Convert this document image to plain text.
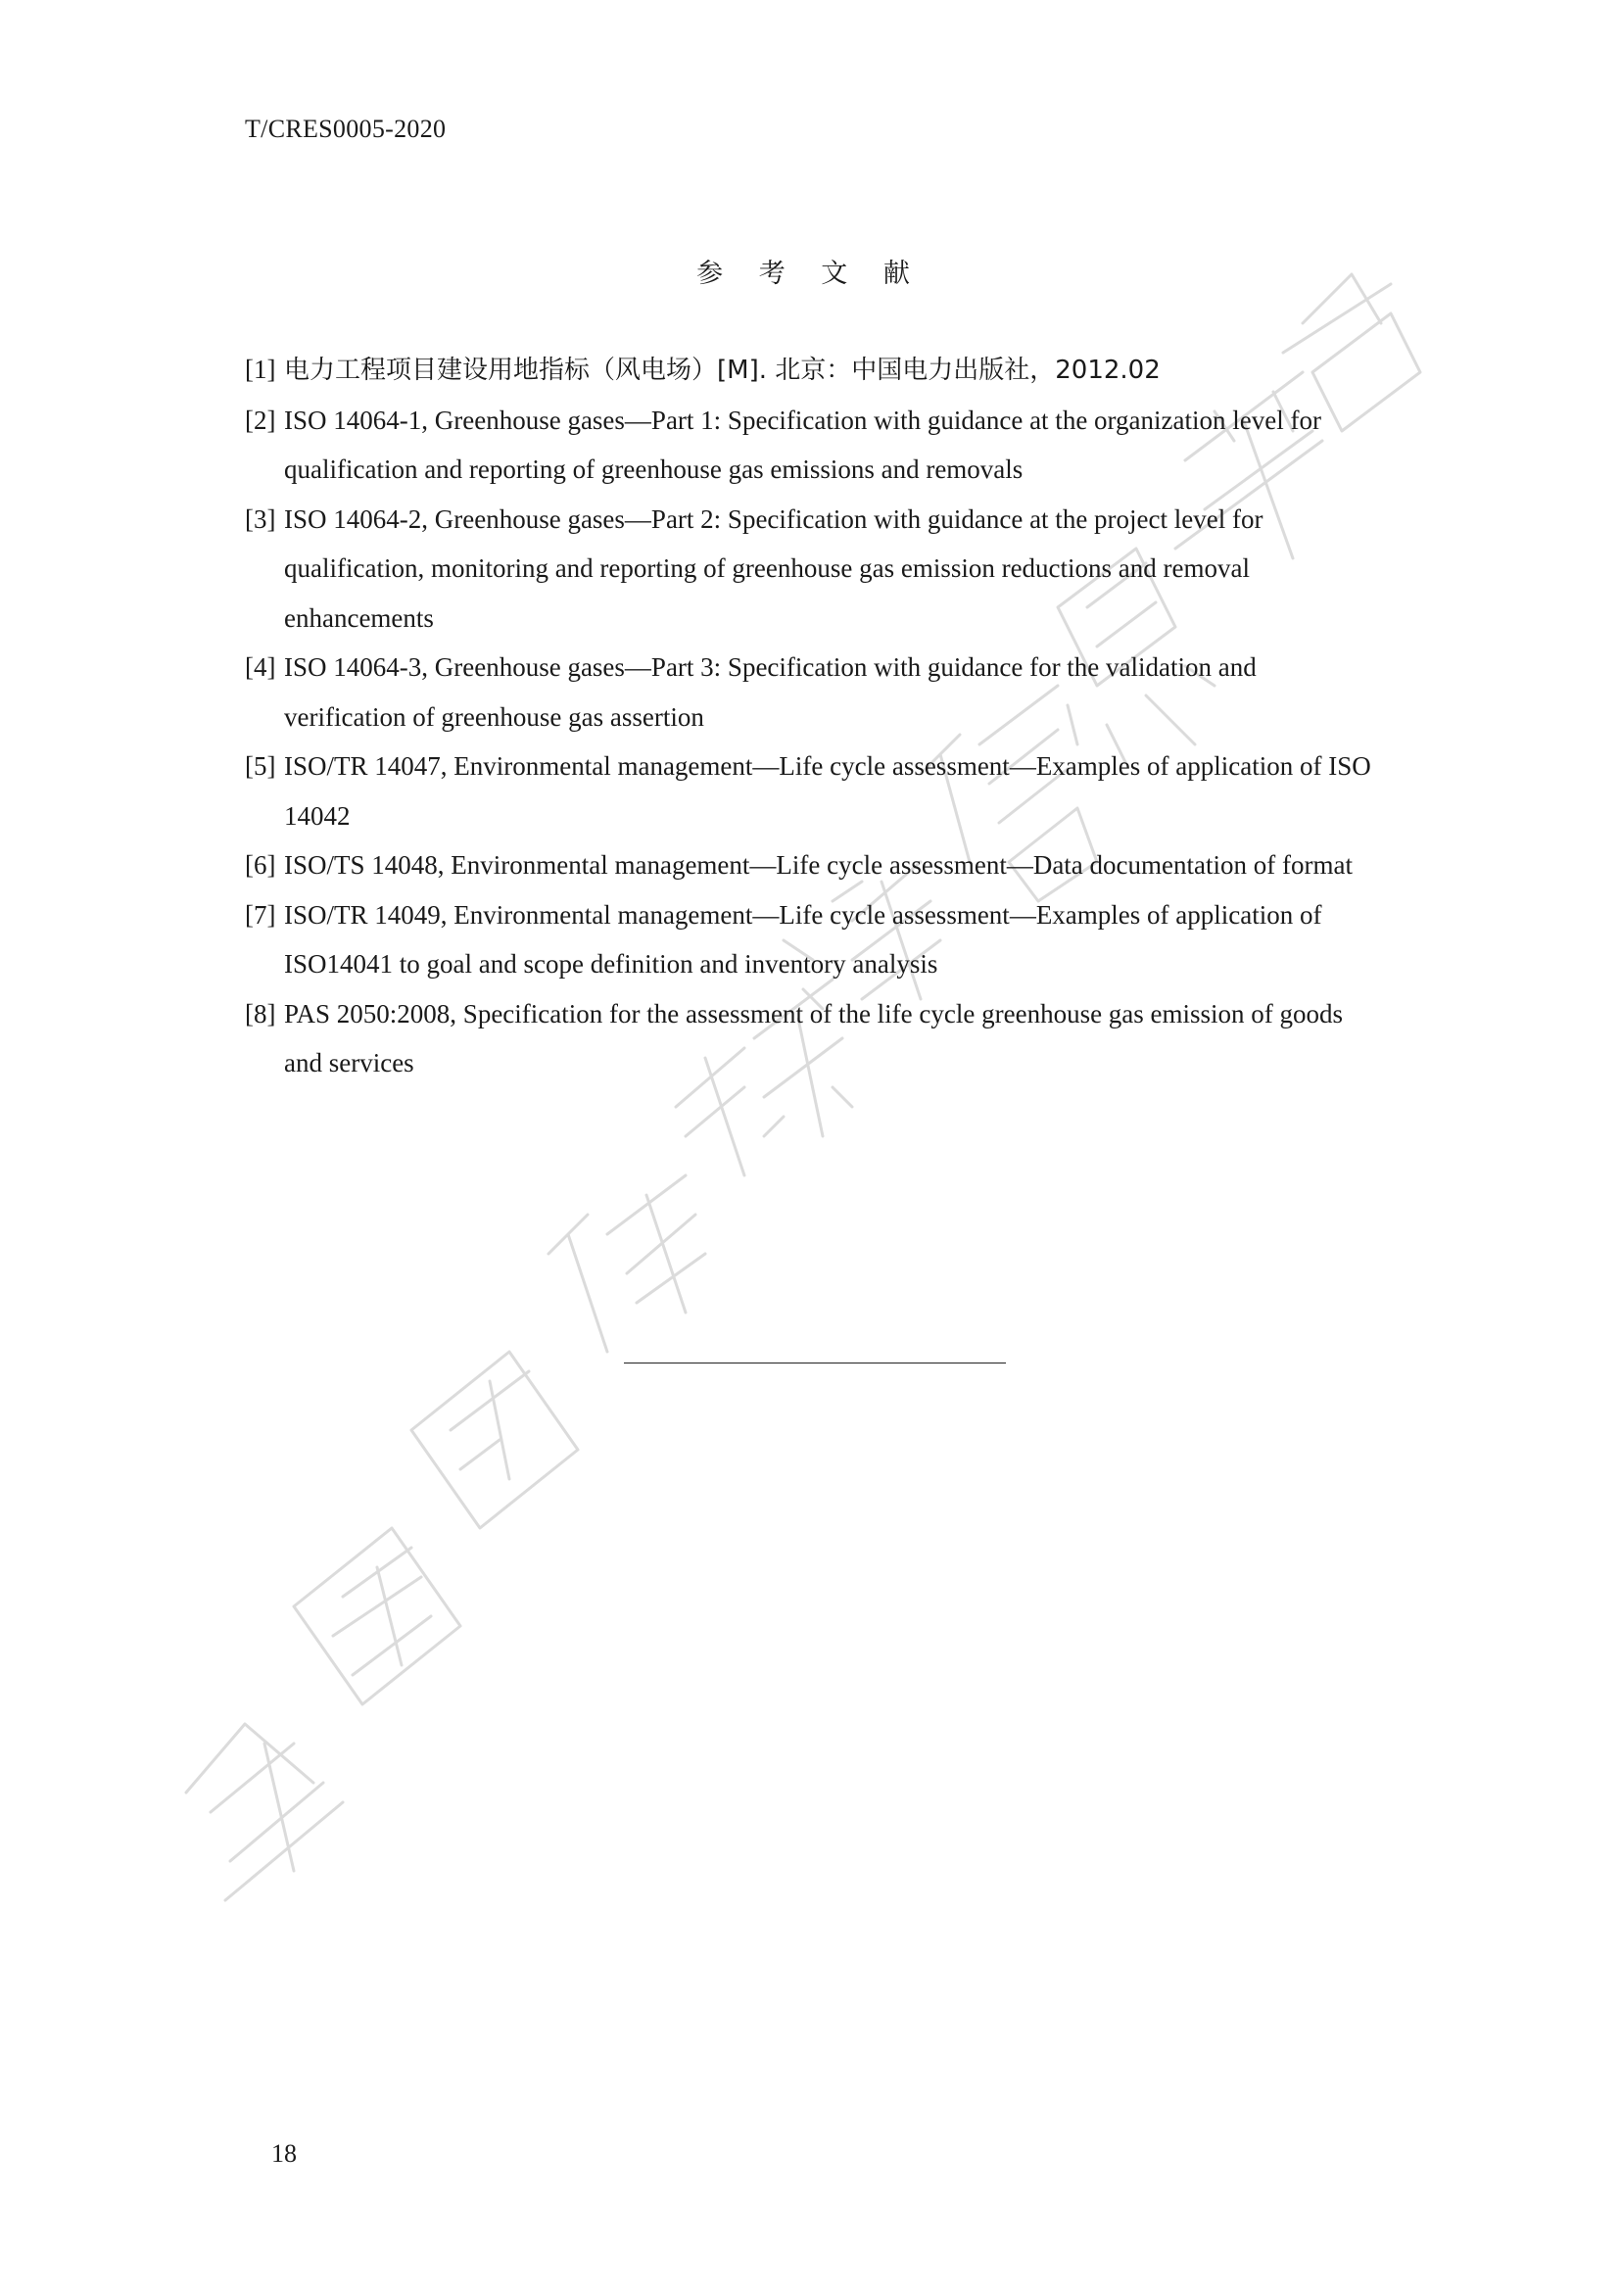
T/CRES0005-2020
参 考 文 献
[1] 电力工程项目建设用地指标（风电场）[M]. 北京：中国电力出版社，2012.02
[2] ISO 14064-1, Greenhouse gases—Part 1: Specification with guidance at the organization level for qualification and reporting of greenhouse gas emissions and removals
[3] ISO 14064-2, Greenhouse gases—Part 2: Specification with guidance at the project level for qualification, monitoring and reporting of greenhouse gas emission reductions and removal enhancements
[4] ISO 14064-3, Greenhouse gases—Part 3: Specification with guidance for the validation and verification of greenhouse gas assertion
[5] ISO/TR 14047, Environmental management—Life cycle assessment—Examples of application of ISO 14042
[6] ISO/TS 14048, Environmental management—Life cycle assessment—Data documentation of format
[7] ISO/TR 14049, Environmental management—Life cycle assessment—Examples of application of ISO14041 to goal and scope definition and inventory analysis
[8] PAS 2050:2008, Specification for the assessment of the life cycle greenhouse gas emission of goods and services
18
